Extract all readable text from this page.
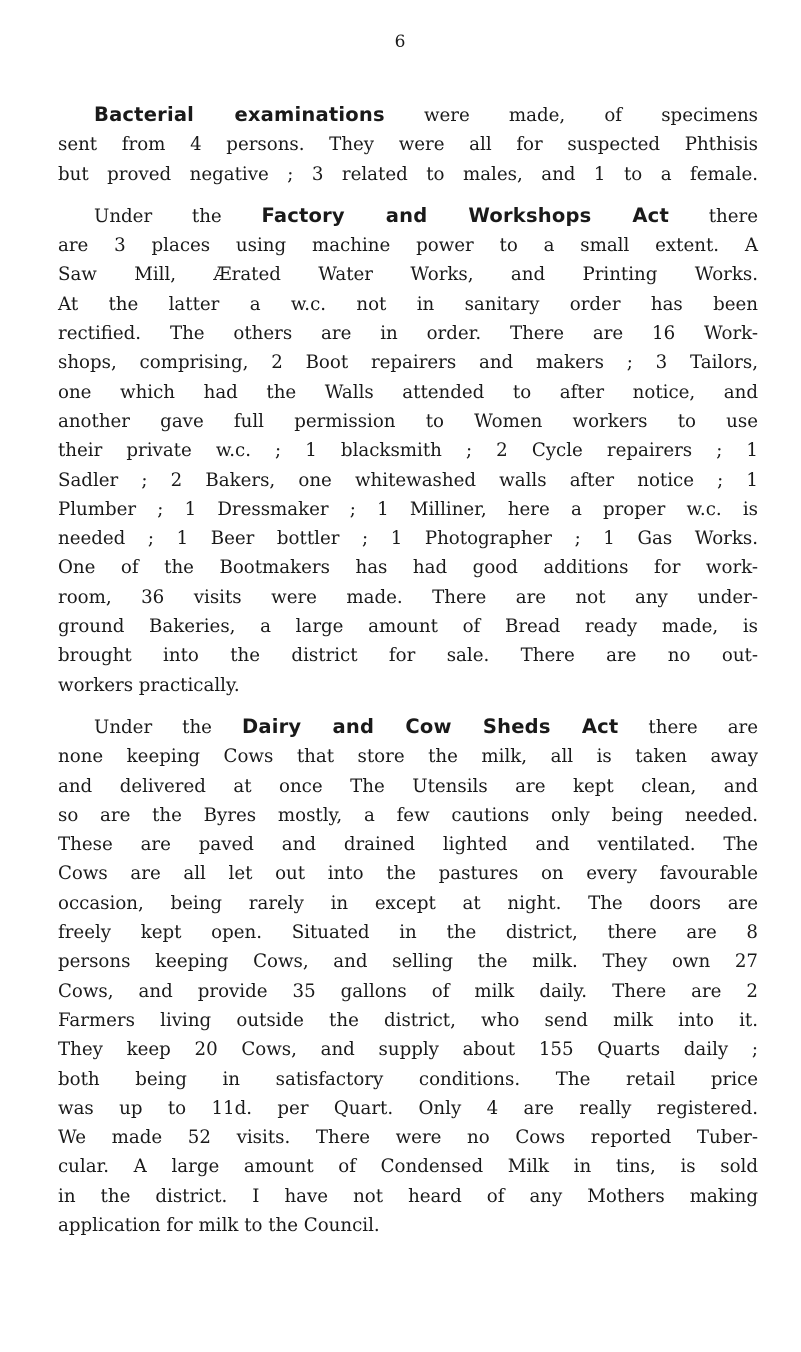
6
Bacterial examinations were made, of specimens
sent from 4 persons. They were all for suspected Phthisis
but proved negative ; 3 related to males, and 1 to a female.
Under the Factory and Workshops Act there
are 3 places using machine power to a small extent. A
Saw Mill, Ærated Water Works, and Printing Works.
At the latter a w.c. not in sanitary order has been
rectified. The others are in order. There are 16 Work-
shops, comprising, 2 Boot repairers and makers ; 3 Tailors,
one which had the Walls attended to after notice, and
another gave full permission to Women workers to use
their private w.c. ; 1 blacksmith ; 2 Cycle repairers ; 1
Sadler ; 2 Bakers, one whitewashed walls after notice ; 1
Plumber ; 1 Dressmaker ; 1 Milliner, here a proper w.c. is
needed ; 1 Beer bottler ; 1 Photographer ; 1 Gas Works.
One of the Bootmakers has had good additions for work-
room, 36 visits were made. There are not any under-
ground Bakeries, a large amount of Bread ready made, is
brought into the district for sale. There are no out-
workers practically.
Under the Dairy and Cow Sheds Act there are
none keeping Cows that store the milk, all is taken away
and delivered at once The Utensils are kept clean, and
so are the Byres mostly, a few cautions only being needed.
These are paved and drained lighted and ventilated. The
Cows are all let out into the pastures on every favourable
occasion, being rarely in except at night. The doors are
freely kept open. Situated in the district, there are 8
persons keeping Cows, and selling the milk. They own 27
Cows, and provide 35 gallons of milk daily. There are 2
Farmers living outside the district, who send milk into it.
They keep 20 Cows, and supply about 155 Quarts daily ;
both being in satisfactory conditions. The retail price
was up to 11d. per Quart. Only 4 are really registered.
We made 52 visits. There were no Cows reported Tuber-
cular. A large amount of Condensed Milk in tins, is sold
in the district. I have not heard of any Mothers making
application for milk to the Council.
